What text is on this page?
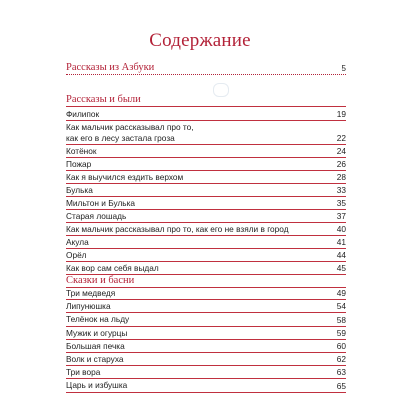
Содержание
Рассказы из Азбуки	5
Рассказы и были
Филипок	19
Как мальчик рассказывал про то,
как его в лесу застала гроза	22
Котёнок	24
Пожар	26
Как я выучился ездить верхом	28
Булька	33
Мильтон и Булька	35
Старая лошадь	37
Как мальчик рассказывал про то, как его не взяли в город	40
Акула	41
Орёл	44
Как вор сам себя выдал	45
Сказки и басни
Три медведя	49
Липунюшка	54
Телёнок на льду	58
Мужик и огурцы	59
Большая печка	60
Волк и старуха	62
Три вора	63
Царь и избушка	65
